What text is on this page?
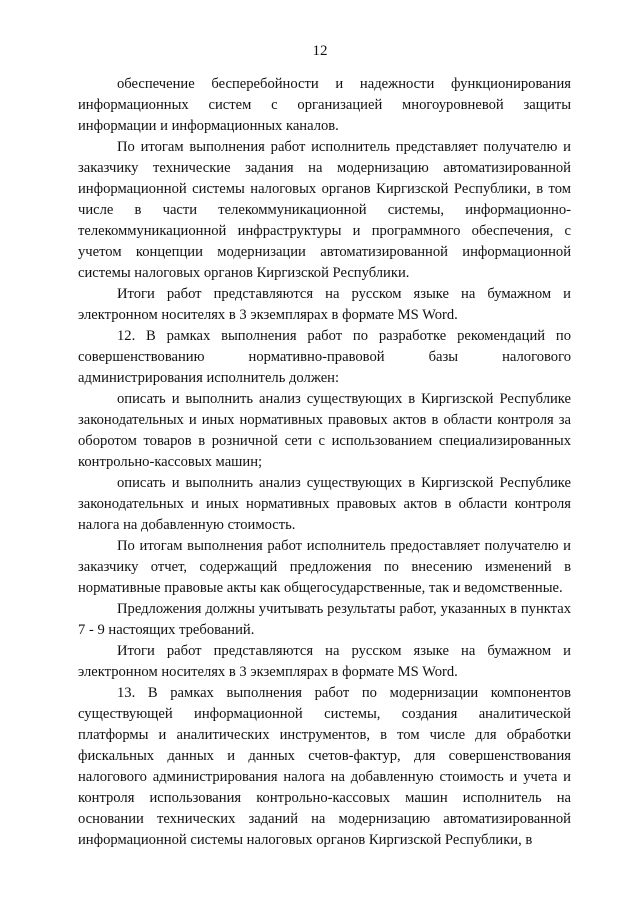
12

обеспечение бесперебойности и надежности функционирования информационных систем с организацией многоуровневой защиты информации и информационных каналов.

По итогам выполнения работ исполнитель представляет получателю и заказчику технические задания на модернизацию автоматизированной информационной системы налоговых органов Киргизской Республики, в том числе в части телекоммуникационной системы, информационно-телекоммуникационной инфраструктуры и программного обеспечения, с учетом концепции модернизации автоматизированной информационной системы налоговых органов Киргизской Республики.

Итоги работ представляются на русском языке на бумажном и электронном носителях в 3 экземплярах в формате MS Word.

12. В рамках выполнения работ по разработке рекомендаций по совершенствованию нормативно-правовой базы налогового администрирования исполнитель должен:

описать и выполнить анализ существующих в Киргизской Республике законодательных и иных нормативных правовых актов в области контроля за оборотом товаров в розничной сети с использованием специализированных контрольно-кассовых машин;

описать и выполнить анализ существующих в Киргизской Республике законодательных и иных нормативных правовых актов в области контроля налога на добавленную стоимость.

По итогам выполнения работ исполнитель предоставляет получателю и заказчику отчет, содержащий предложения по внесению изменений в нормативные правовые акты как общегосударственные, так и ведомственные.

Предложения должны учитывать результаты работ, указанных в пунктах 7 - 9 настоящих требований.

Итоги работ представляются на русском языке на бумажном и электронном носителях в 3 экземплярах в формате MS Word.

13. В рамках выполнения работ по модернизации компонентов существующей информационной системы, создания аналитической платформы и аналитических инструментов, в том числе для обработки фискальных данных и данных счетов-фактур, для совершенствования налогового администрирования налога на добавленную стоимость и учета и контроля использования контрольно-кассовых машин исполнитель на основании технических заданий на модернизацию автоматизированной информационной системы налоговых органов Киргизской Республики, в
